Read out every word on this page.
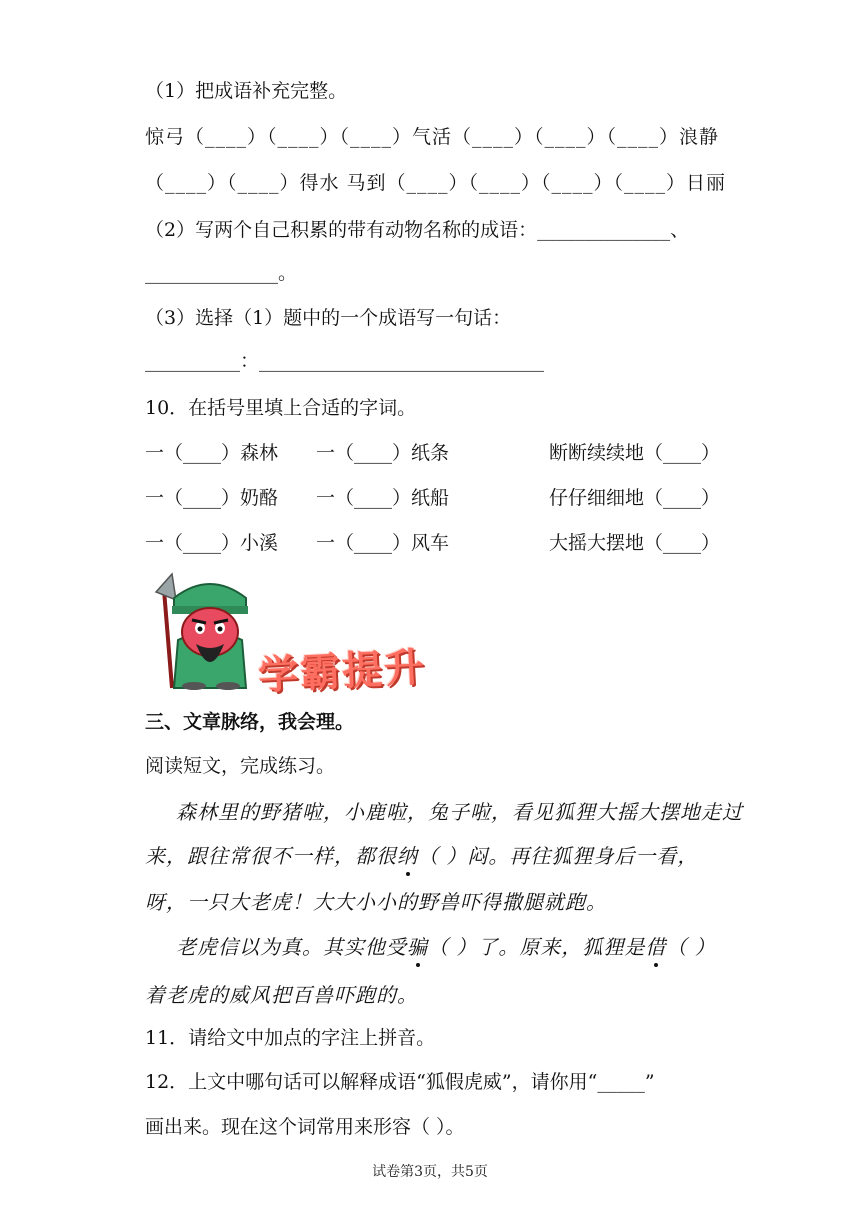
（1）把成语补充完整。
惊弓（____）（____）（____）气活（____）（____）（____）浪静
（____）（____）得水 马到（____）（____）（____）（____）日丽
（2）写两个自己积累的带有动物名称的成语：______________、
______________。
（3）选择（1）题中的一个成语写一句话：
__________：______________________________
10．在括号里填上合适的字词。
一（____）森林 一（____）纸条	断断续续地（____）
一（____）奶酪 一（____）纸船	仔仔细细地（____）
一（____）小溪 一（____）风车	大摇大摆地（____）
学霸提升
三、文章脉络，我会理。
阅读短文，完成练习。
森林里的野猪啦，小鹿啦，兔子啦，看见狐狸大摇大摆地走过
来，跟往常很不一样，都很纳（ ）闷。再往狐狸身后一看，
呀，一只大老虎！大大小小的野兽吓得撒腿就跑。
老虎信以为真。其实他受骗（ ）了。原来，狐狸是借（ ）
着老虎的威风把百兽吓跑的。
11．请给文中加点的字注上拼音。
12．上文中哪句话可以解释成语“狐假虎威”，请你用“_____”
画出来。现在这个词常用来形容（ ）。
试卷第3页，共5页
